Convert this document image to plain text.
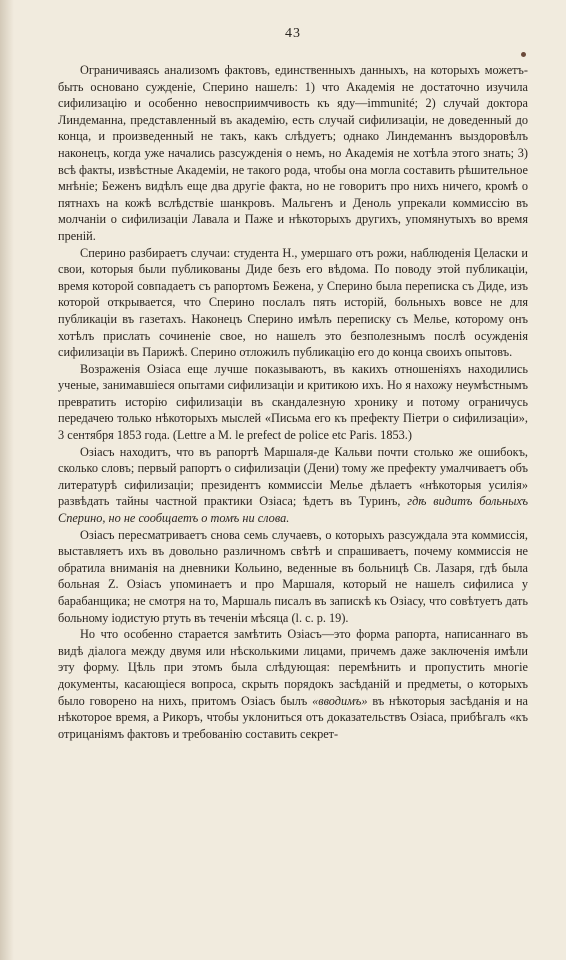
43

Ограничиваясь анализомъ фактовъ, единственныхъ данныхъ, на которыхъ можетъ-быть основано сужденiе, Сперино нашелъ: 1) что Академiя не достаточно изучила сифилизацiю и особенно невосприимчивость къ яду—immunité; 2) случай доктора Линдеманна, представленный въ академiю, есть случай сифилизацiи, не доведенный до конца, и произведенный не такъ, какъ слѣдуетъ; однако Линдеманнъ выздоровѣлъ наконецъ, когда уже начались разсужденiя о немъ, но Академiя не хотѣла этого знать; 3) всѣ факты, извѣстные Академiи, не такого рода, чтобы она могла составить рѣшительное мнѣнiе; Беженъ видѣлъ еще два другiе факта, но не говоритъ про нихъ ничего, кромѣ о пятнахъ на кожѣ вслѣдствiе шанкровъ. Мальгенъ и Деноль упрекали коммиссiю въ молчанiи о сифилизацiи Лавала и Паже и нѣкоторыхъ другихъ, упомянутыхъ во время преній.

Сперино разбираетъ случаи: студента Н., умершаго отъ рожи, наблюденiя Целаски и свои, которыя были публикованы Диде безъ его вѣдома. По поводу этой публикацiи, время которой совпадаетъ съ рапортомъ Бежена, у Сперино была переписка съ Диде, изъ которой открывается, что Сперино послалъ пять исторiй, больныхъ вовсе не для публикацiи въ газетахъ. Наконецъ Сперино имѣлъ переписку съ Мелье, которому онъ хотѣлъ прислать сочиненiе свое, но нашелъ это безполезнымъ послѣ осужденiя сифилизацiи въ Парижѣ. Сперино отложилъ публикацiю его до конца своихъ опытовъ.

Возраженiя Озiаса еще лучше показываютъ, въ какихъ отношенiяхъ находились ученые, занимавшiеся опытами сифилизацiи и критикою ихъ. Но я нахожу неумѣстнымъ превратить исторiю сифилизацiи въ скандалезную хронику и потому ограничусь передачею только нѣкоторыхъ мыслей «Письма его къ префекту Пiетри о сифилизацiи», 3 сентября 1853 года. (Lettre a M. le prefect de police etc Paris. 1853.)

Озiасъ находитъ, что въ рапортѣ Маршаля-де Кальви почти столько же ошибокъ, сколько словъ; первый рапортъ о сифилизацiи (Дени) тому же префекту умалчиваетъ объ литературѣ сифилизацiи; президентъ коммиссiи Мелье дѣлаетъ «нѣкоторыя усилiя» развѣдать тайны частной практики Озiаса; ѣдетъ въ Туринъ, гдѣ видитъ больныхъ Сперино, но не сообщаетъ о томъ ни слова.

Озiасъ пересматриваетъ снова семь случаевъ, о которыхъ разсуждала эта коммиссiя, выставляетъ ихъ въ довольно различномъ свѣтѣ и спрашиваетъ, почему коммиссiя не обратила вниманiя на дневники Кольино, веденные въ больницѣ Св. Лазаря, гдѣ была больная Z. Озiасъ упоминаетъ и про Маршаля, который не нашелъ сифилиса у барабанщика; не смотря на то, Маршаль писалъ въ запискѣ къ Озiасу, что совѣтуетъ дать больному iодистую ртуть въ теченiи мѣсяца (l. c. p. 19).

Но что особенно старается замѣтить Озiасъ—это форма рапорта, написаннаго въ видѣ дiалога между двумя или нѣсколькими лицами, причемъ даже заключенiя имѣли эту форму. Цѣль при этомъ была слѣдующая: перемѣнить и пропустить многiе документы, касающiеся вопроса, скрыть порядокъ засѣданiй и предметы, о которыхъ было говорено на нихъ, притомъ Озiасъ былъ «вводимъ» въ нѣкоторыя засѣданiя и на нѣкоторое время, а Рикоръ, чтобы уклониться отъ доказательствъ Озiаса, прибѣгалъ «къ отрицанiямъ фактовъ и требованiю составить секрет-
